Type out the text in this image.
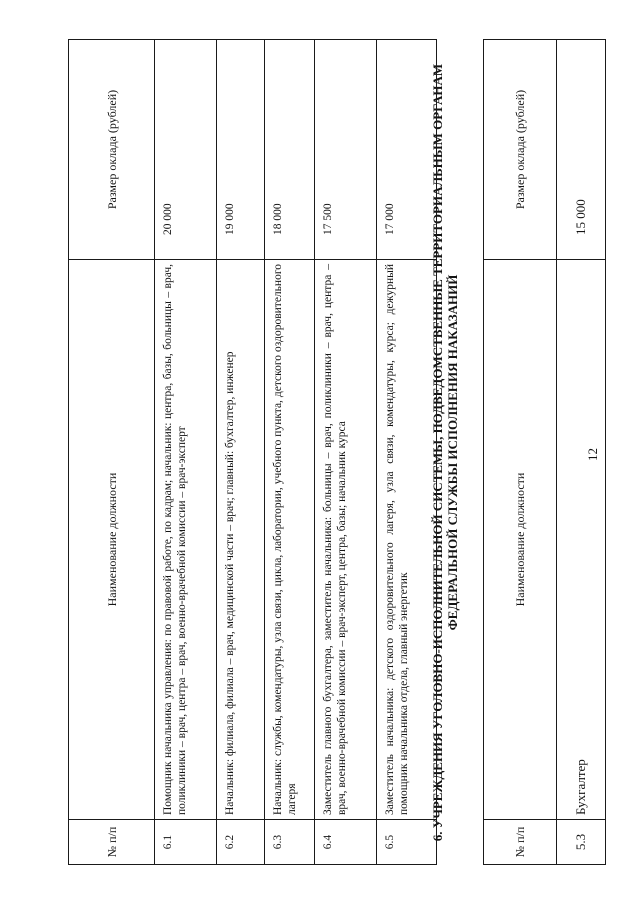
12
№ п/п	Наименование должности	Размер оклада (рублей)
5.3	Бухгалтер	15 000
6. УЧРЕЖДЕНИЯ УГОЛОВНО-ИСПОЛНИТЕЛЬНОЙ СИСТЕМЫ, ПОДВЕДОМСТВЕННЫЕ ТЕРРИТОРИАЛЬНЫМ ОРГАНАМ ФЕДЕРАЛЬНОЙ СЛУЖБЫ ИСПОЛНЕНИЯ НАКАЗАНИЙ
№ п/п	Наименование должности	Размер оклада (рублей)
6.1	Помощник начальника управления: по правовой работе, по кадрам; начальник: центра, базы, больницы – врач, поликлиники – врач, центра – врач, военно-врачебной комиссии – врач-эксперт	20 000
6.2	Начальник: филиала, филиала – врач, медицинской части – врач; главный: бухгалтер, инженер	19 000
6.3	Начальник: службы, комендатуры, узла связи, цикла, лаборатории, учебного пункта, детского оздоровительного лагеря	18 000
6.4	Заместитель главного бухгалтера, заместитель начальника: больницы – врач, поликлиники – врач, центра – врач, военно-врачебной комиссии – врач-эксперт, центра, базы; начальник курса	17 500
6.5	Заместитель начальника: детского оздоровительного лагеря, узла связи, комендатуры, курса; дежурный помощник начальника отдела, главный энергетик	17 000
